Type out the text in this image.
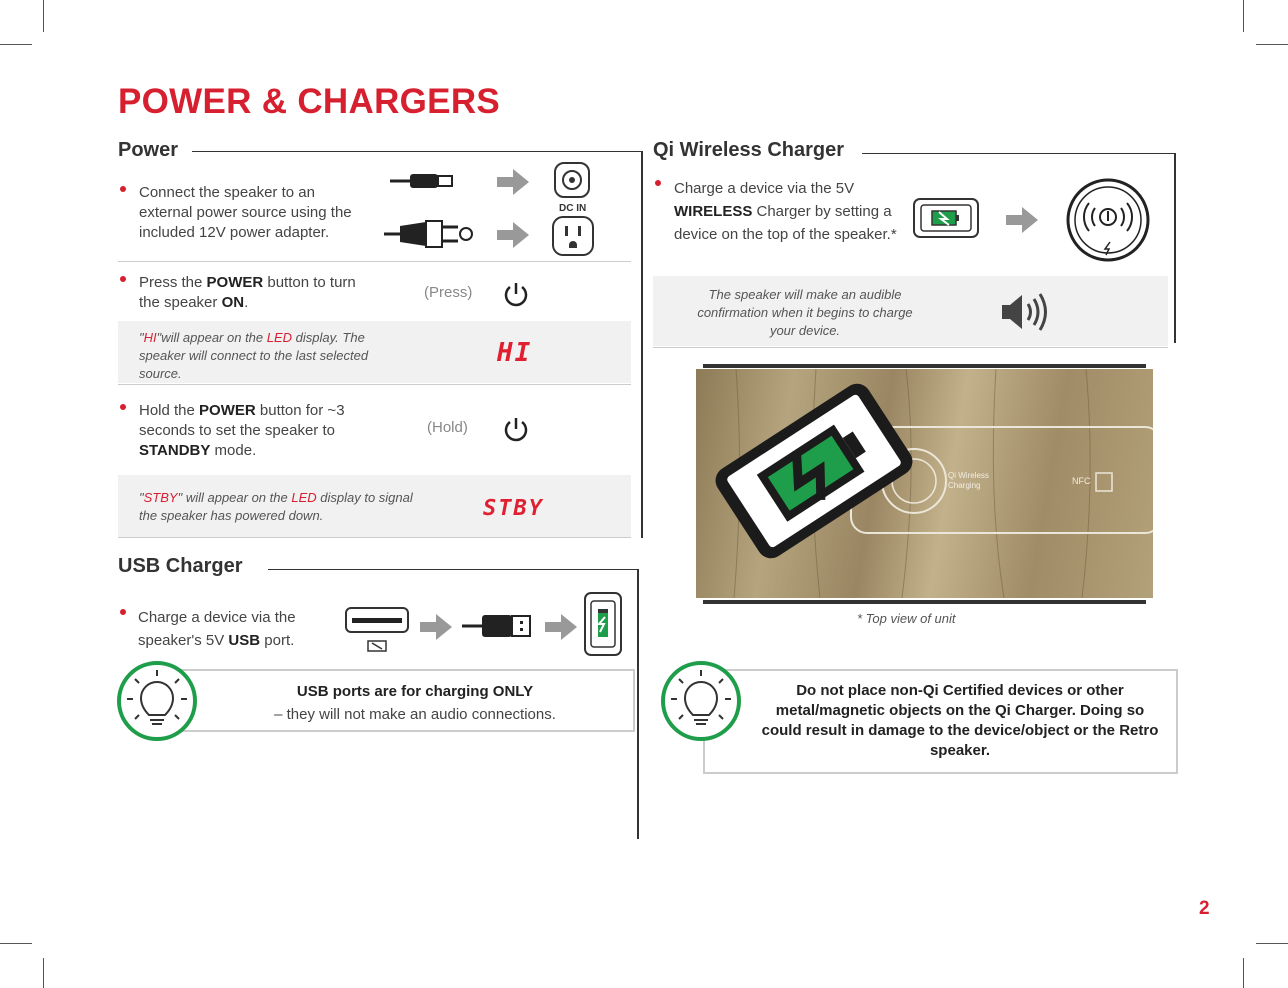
POWER & CHARGERS
Power
Connect the speaker to an external power source using the included 12V power adapter.
DC IN
Press the POWER button to turn the speaker ON.
(Press)
"HI"will appear on the LED display. The speaker will connect to the last selected source.
HI
Hold the POWER button for ~3 seconds to set the speaker to STANDBY mode.
(Hold)
"STBY" will appear on the LED display to signal the speaker has powered down.	STBY
USB Charger
Charge a device via the speaker's 5V USB port.
USB ports are for charging ONLY
– they will not make an audio connections.
Qi Wireless Charger
Charge a device via the 5V WIRELESS Charger by setting a device on the top of the speaker.*
The speaker will make an audible confirmation when it begins to charge your device.
Qi Wireless
Charging	NFC
* Top view of unit
Do not place non-Qi Certified devices or other metal/magnetic objects on the Qi Charger. Doing so could result in damage to the device/object or the Retro speaker.
2
